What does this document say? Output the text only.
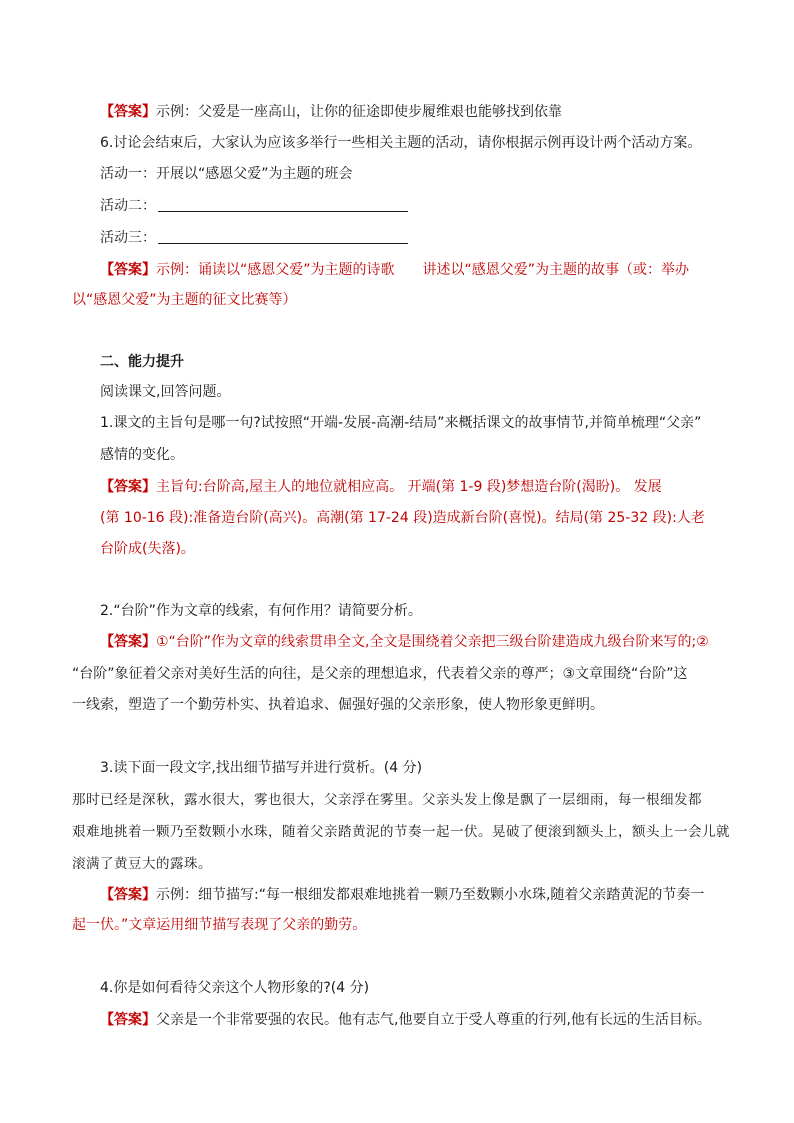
【答案】示例：父爱是一座高山，让你的征途即使步履维艰也能够找到依靠
6.讨论会结束后，大家认为应该多举行一些相关主题的活动，请你根据示例再设计两个活动方案。
活动一：开展以“感恩父爱”为主题的班会
活动二：
活动三：
【答案】示例：诵读以“感恩父爱”为主题的诗歌　　讲述以“感恩父爱”为主题的故事（或：举办
以“感恩父爱”为主题的征文比赛等）
二、能力提升
阅读课文,回答问题。
1.课文的主旨句是哪一句?试按照“开端-发展-高潮-结局”来概括课文的故事情节,并简单梳理“父亲”
感情的变化。
【答案】主旨句:台阶高,屋主人的地位就相应高。 开端(第 1-9 段)梦想造台阶(渴盼)。 发展
(第 10-16 段):准备造台阶(高兴)。高潮(第 17-24 段)造成新台阶(喜悦)。结局(第 25-32 段):人老
台阶成(失落)。
2.“台阶”作为文章的线索，有何作用？请简要分析。
【答案】①“台阶”作为文章的线索贯串全文,全文是围绕着父亲把三级台阶建造成九级台阶来写的;②
“台阶”象征着父亲对美好生活的向往，是父亲的理想追求，代表着父亲的尊严；③文章围绕“台阶”这
一线索，塑造了一个勤劳朴实、执着追求、倔强好强的父亲形象，使人物形象更鲜明。
3.读下面一段文字,找出细节描写并进行赏析。(4 分)
那时已经是深秋，露水很大，雾也很大，父亲浮在雾里。父亲头发上像是飘了一层细雨，每一根细发都
艰难地挑着一颗乃至数颗小水珠，随着父亲踏黄泥的节奏一起一伏。晃破了便滚到额头上，额头上一会儿就
滚满了黄豆大的露珠。
【答案】示例：细节描写:“每一根细发都艰难地挑着一颗乃至数颗小水珠,随着父亲踏黄泥的节奏一
起一伏。”文章运用细节描写表现了父亲的勤劳。
4.你是如何看待父亲这个人物形象的?(4 分)
【答案】父亲是一个非常要强的农民。他有志气,他要自立于受人尊重的行列,他有长远的生活目标。
